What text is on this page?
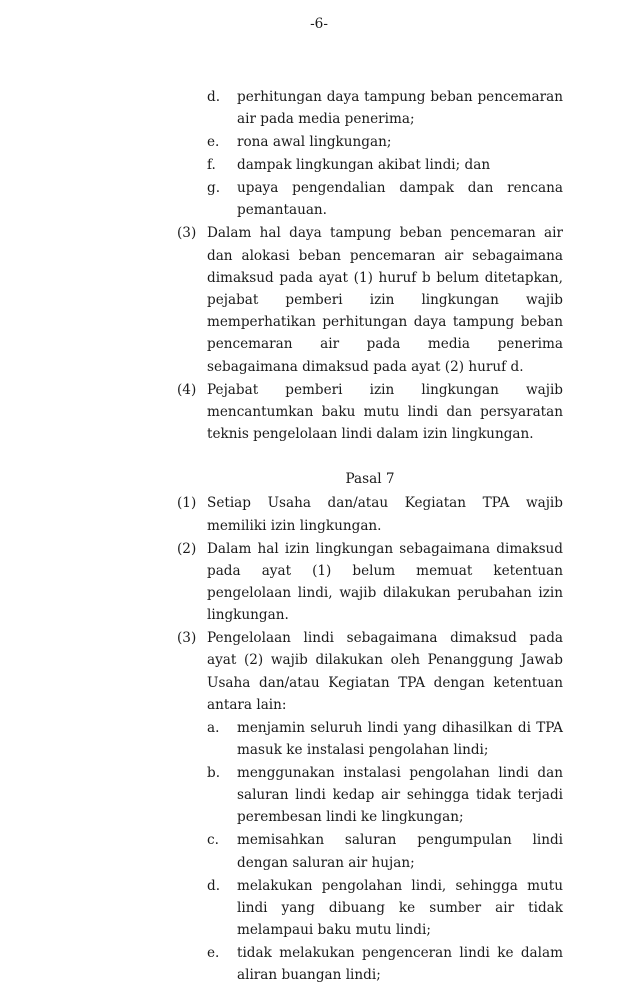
-6-
d. perhitungan daya tampung beban pencemaran air pada media penerima;
e. rona awal lingkungan;
f. dampak lingkungan akibat lindi; dan
g. upaya pengendalian dampak dan rencana pemantauan.
(3) Dalam hal daya tampung beban pencemaran air dan alokasi beban pencemaran air sebagaimana dimaksud pada ayat (1) huruf b belum ditetapkan, pejabat pemberi izin lingkungan wajib memperhatikan perhitungan daya tampung beban pencemaran air pada media penerima sebagaimana dimaksud pada ayat (2) huruf d.
(4) Pejabat pemberi izin lingkungan wajib mencantumkan baku mutu lindi dan persyaratan teknis pengelolaan lindi dalam izin lingkungan.
Pasal 7
(1) Setiap Usaha dan/atau Kegiatan TPA wajib memiliki izin lingkungan.
(2) Dalam hal izin lingkungan sebagaimana dimaksud pada ayat (1) belum memuat ketentuan pengelolaan lindi, wajib dilakukan perubahan izin lingkungan.
(3) Pengelolaan lindi sebagaimana dimaksud pada ayat (2) wajib dilakukan oleh Penanggung Jawab Usaha dan/atau Kegiatan TPA dengan ketentuan antara lain:
a. menjamin seluruh lindi yang dihasilkan di TPA masuk ke instalasi pengolahan lindi;
b. menggunakan instalasi pengolahan lindi dan saluran lindi kedap air sehingga tidak terjadi perembesan lindi ke lingkungan;
c. memisahkan saluran pengumpulan lindi dengan saluran air hujan;
d. melakukan pengolahan lindi, sehingga mutu lindi yang dibuang ke sumber air tidak melampaui baku mutu lindi;
e. tidak melakukan pengenceran lindi ke dalam aliran buangan lindi;
